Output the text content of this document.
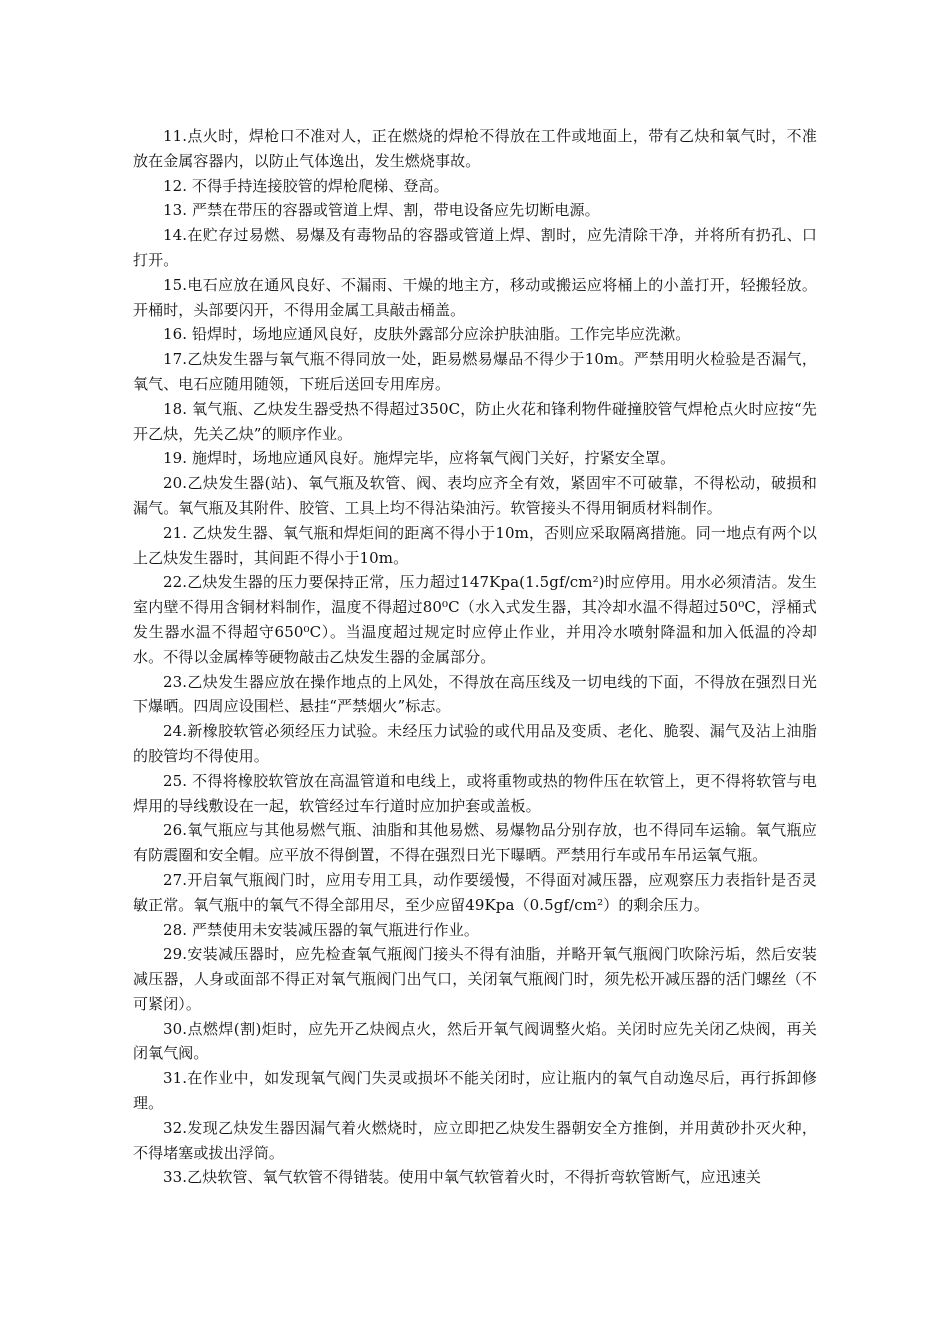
11.点火时，焊枪口不准对人，正在燃烧的焊枪不得放在工件或地面上，带有乙炔和氧气时，不准放在金属容器内，以防止气体逸出，发生燃烧事故。

12. 不得手持连接胶管的焊枪爬梯、登高。

13. 严禁在带压的容器或管道上焊、割，带电设备应先切断电源。

14.在贮存过易燃、易爆及有毒物品的容器或管道上焊、割时，应先清除干净，并将所有扔孔、口打开。

15.电石应放在通风良好、不漏雨、干燥的地主方，移动或搬运应将桶上的小盖打开，轻搬轻放。开桶时，头部要闪开，不得用金属工具敲击桶盖。

16. 铅焊时，场地应通风良好，皮肤外露部分应涂护肤油脂。工作完毕应洗漱。

17.乙炔发生器与氧气瓶不得同放一处，距易燃易爆品不得少于10m。严禁用明火检验是否漏气，氧气、电石应随用随领，下班后送回专用库房。

18. 氧气瓶、乙炔发生器受热不得超过350C，防止火花和锋利物件碰撞胶管气焊枪点火时应按“先开乙炔，先关乙炔”的顺序作业。

19. 施焊时，场地应通风良好。施焊完毕，应将氧气阀门关好，拧紧安全罩。

20.乙炔发生器(站)、氧气瓶及软管、阀、表均应齐全有效，紧固牢不可破靠，不得松动，破损和漏气。氧气瓶及其附件、胶管、工具上均不得沾染油污。软管接头不得用铜质材料制作。

21. 乙炔发生器、氧气瓶和焊炬间的距离不得小于10m，否则应采取隔离措施。同一地点有两个以上乙炔发生器时，其间距不得小于10m。

22.乙炔发生器的压力要保持正常，压力超过147Kpa(1.5gf/cm²)时应停用。用水必须清洁。发生室内壁不得用含铜材料制作，温度不得超过80⁰C（水入式发生器，其冷却水温不得超过50⁰C，浮桶式发生器水温不得超守650⁰C）。当温度超过规定时应停止作业，并用冷水喷射降温和加入低温的冷却水。不得以金属棒等硬物敲击乙炔发生器的金属部分。

23.乙炔发生器应放在操作地点的上风处，不得放在高压线及一切电线的下面，不得放在强烈日光下爆晒。四周应设围栏、悬挂“严禁烟火”标志。

24.新橡胶软管必须经压力试验。未经压力试验的或代用品及变质、老化、脆裂、漏气及沾上油脂的胶管均不得使用。

25. 不得将橡胶软管放在高温管道和电线上，或将重物或热的物件压在软管上，更不得将软管与电焊用的导线敷设在一起，软管经过车行道时应加护套或盖板。

26.氧气瓶应与其他易燃气瓶、油脂和其他易燃、易爆物品分别存放，也不得同车运输。氧气瓶应有防震圈和安全帽。应平放不得倒置，不得在强烈日光下曝晒。严禁用行车或吊车吊运氧气瓶。

27.开启氧气瓶阀门时，应用专用工具，动作要缓慢，不得面对减压器，应观察压力表指针是否灵敏正常。氧气瓶中的氧气不得全部用尽，至少应留49Kpa（0.5gf/cm²）的剩余压力。

28. 严禁使用未安装减压器的氧气瓶进行作业。

29.安装减压器时，应先检查氧气瓶阀门接头不得有油脂，并略开氧气瓶阀门吹除污垢，然后安装减压器，人身或面部不得正对氧气瓶阀门出气口，关闭氧气瓶阀门时，须先松开减压器的活门螺丝（不可紧闭）。

30.点燃焊(割)炬时，应先开乙炔阀点火，然后开氧气阀调整火焰。关闭时应先关闭乙炔阀，再关闭氧气阀。

31.在作业中，如发现氧气阀门失灵或损坏不能关闭时，应让瓶内的氧气自动逸尽后，再行拆卸修理。

32.发现乙炔发生器因漏气着火燃烧时，应立即把乙炔发生器朝安全方推倒，并用黄砂扑灭火种，不得堵塞或拔出浮筒。

33.乙炔软管、氧气软管不得错装。使用中氧气软管着火时，不得折弯软管断气，应迅速关
